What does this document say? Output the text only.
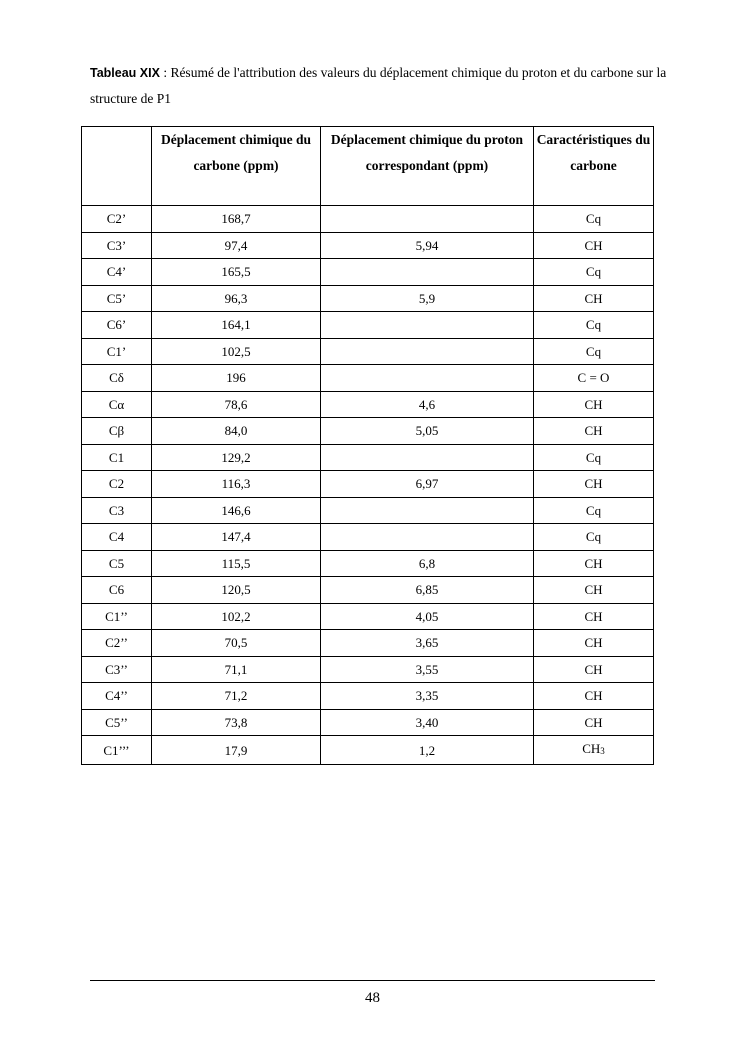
Tableau XIX : Résumé de l'attribution des valeurs du déplacement chimique du proton et du carbone sur la structure de P1
	Déplacement chimique du carbone (ppm)	Déplacement chimique du proton correspondant (ppm)	Caractéristiques du carbone
C2’	168,7		Cq
C3’	97,4	5,94	CH
C4’	165,5		Cq
C5’	96,3	5,9	CH
C6’	164,1		Cq
C1’	102,5		Cq
Cδ	196		C = O
Cα	78,6	4,6	CH
Cβ	84,0	5,05	CH
C1	129,2		Cq
C2	116,3	6,97	CH
C3	146,6		Cq
C4	147,4		Cq
C5	115,5	6,8	CH
C6	120,5	6,85	CH
C1’’	102,2	4,05	CH
C2’’	70,5	3,65	CH
C3’’	71,1	3,55	CH
C4’’	71,2	3,35	CH
C5’’	73,8	3,40	CH
C1’’’	17,9	1,2	$CH_3$
48
